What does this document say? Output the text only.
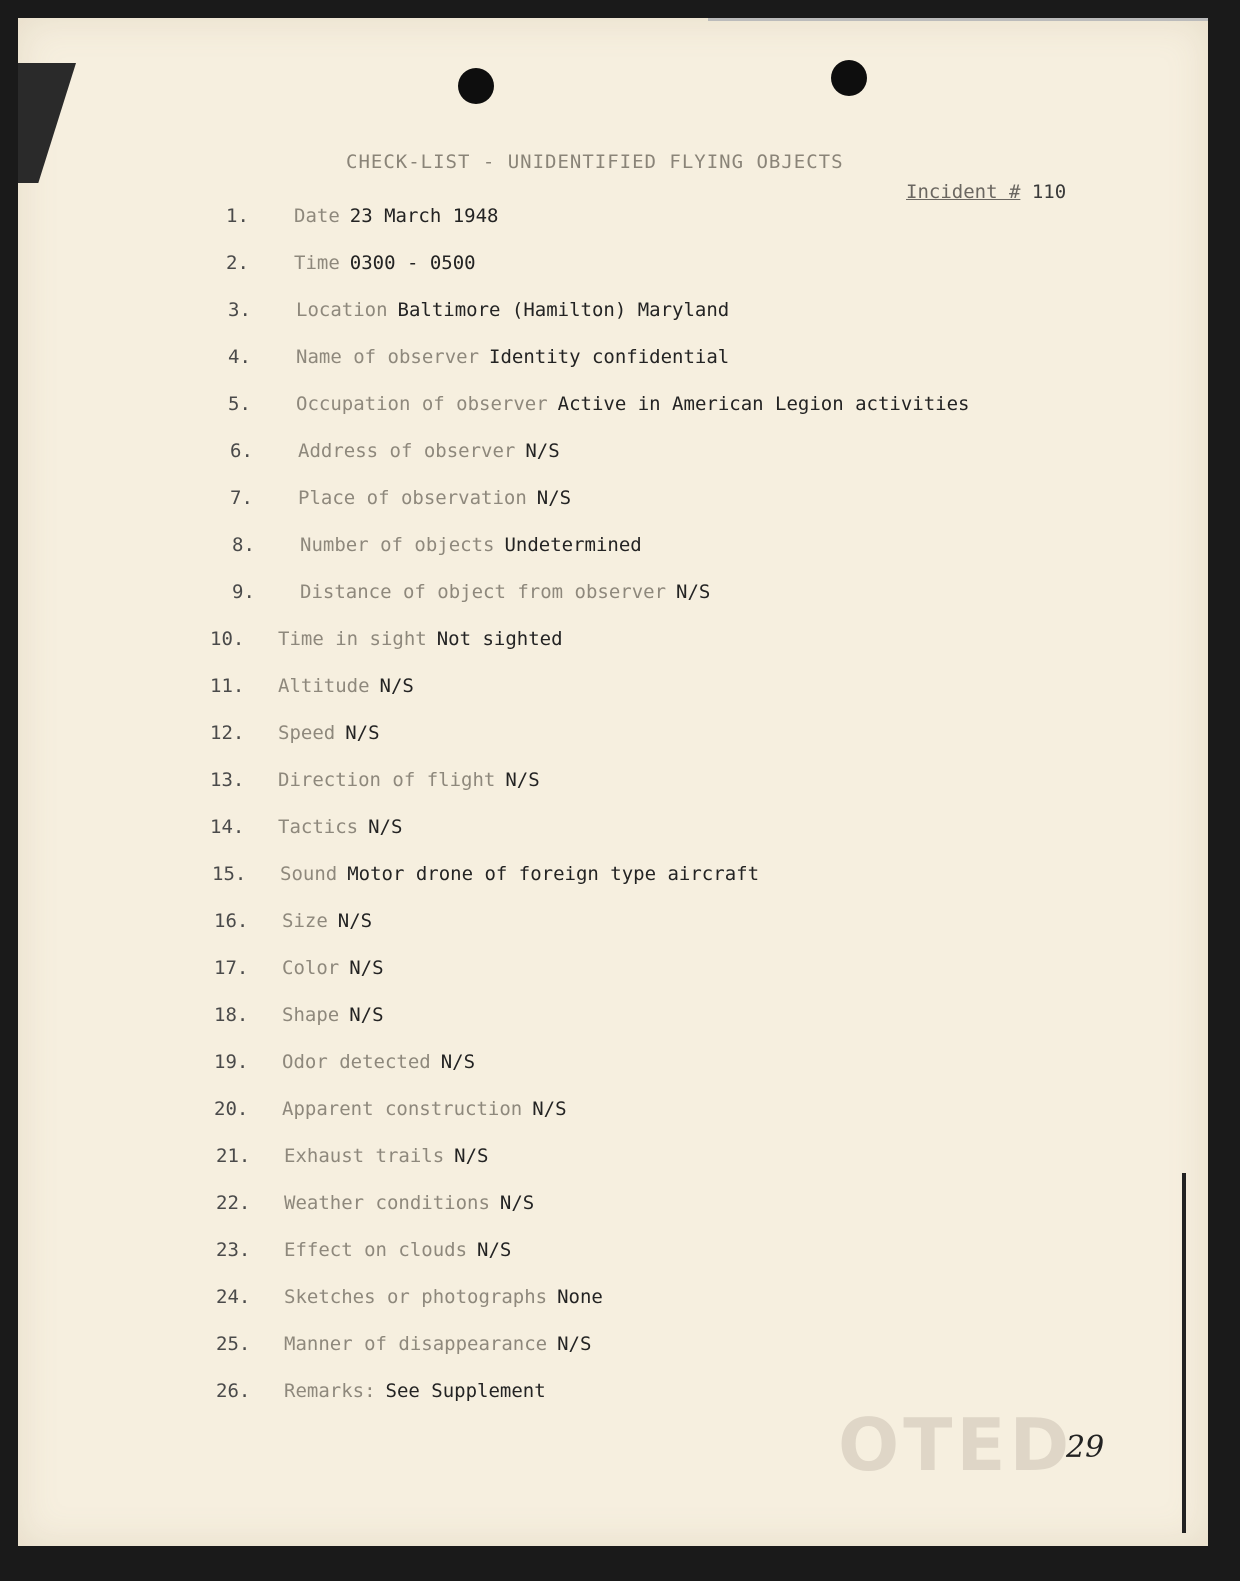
OTED
CHECK-LIST - UNIDENTIFIED FLYING OBJECTS
Incident # 110
1. Date 23 March 1948
2. Time 0300 - 0500
3. Location Baltimore (Hamilton) Maryland
4. Name of observer Identity confidential
5. Occupation of observer Active in American Legion activities
6. Address of observer N/S
7. Place of observation N/S
8. Number of objects Undetermined
9. Distance of object from observer N/S
10. Time in sight Not sighted
11. Altitude N/S
12. Speed N/S
13. Direction of flight N/S
14. Tactics N/S
15. Sound Motor drone of foreign type aircraft
16. Size N/S
17. Color N/S
18. Shape N/S
19. Odor detected N/S
20. Apparent construction N/S
21. Exhaust trails N/S
22. Weather conditions N/S
23. Effect on clouds N/S
24. Sketches or photographs None
25. Manner of disappearance N/S
26. Remarks: See Supplement
29
